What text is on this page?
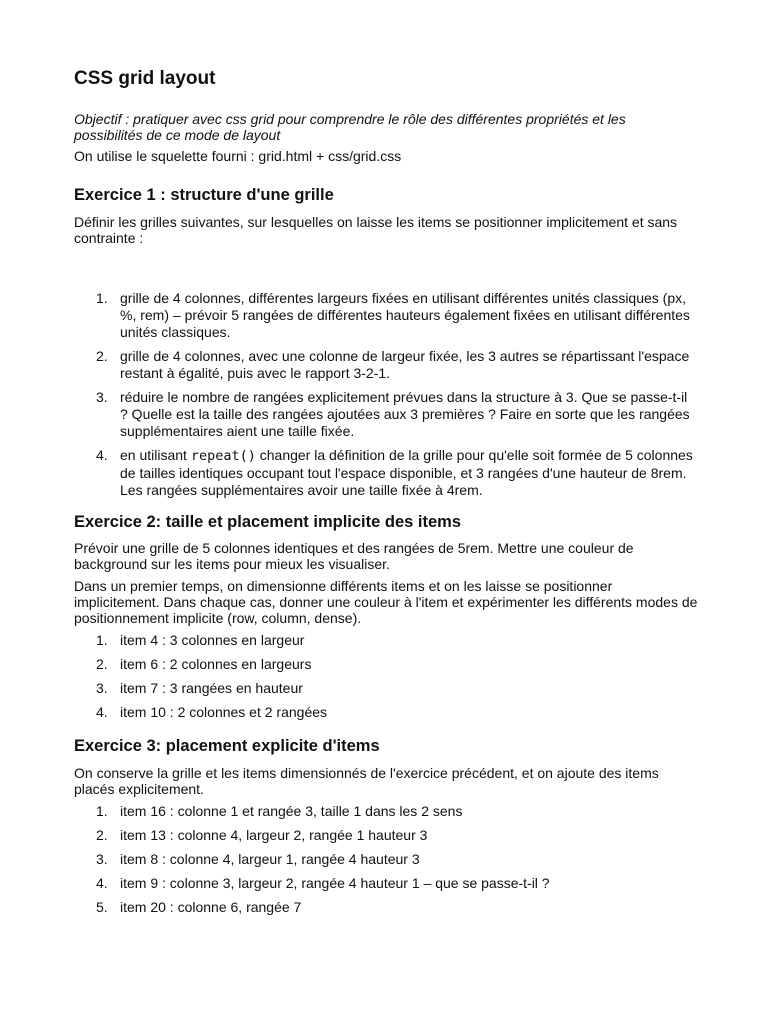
CSS grid layout

Objectif : pratiquer avec css grid pour comprendre le rôle des différentes propriétés et les possibilités de ce mode de layout

On utilise le squelette fourni : grid.html + css/grid.css

Exercice 1 : structure d'une grille

Définir les grilles suivantes, sur lesquelles on laisse les items se positionner implicitement et sans contrainte :

1. grille de 4 colonnes, différentes largeurs fixées en utilisant différentes unités classiques (px, %, rem) – prévoir 5 rangées de différentes hauteurs également fixées en utilisant différentes unités classiques.
2. grille de 4 colonnes, avec une colonne de largeur fixée, les 3 autres se répartissant l'espace restant à égalité, puis avec le rapport 3-2-1.
3. réduire le nombre de rangées explicitement prévues dans la structure à 3. Que se passe-t-il ? Quelle est la taille des rangées ajoutées aux 3 premières ? Faire en sorte que les rangées supplémentaires aient une taille fixée.
4. en utilisant repeat() changer la définition de la grille pour qu'elle soit formée de 5 colonnes de tailles identiques occupant tout l'espace disponible, et 3 rangées d'une hauteur de 8rem. Les rangées supplémentaires avoir une taille fixée à 4rem.
Exercice 2: taille et placement implicite des items

Prévoir une grille de 5 colonnes identiques et des rangées de 5rem. Mettre une couleur de background sur les items pour mieux les visualiser.

Dans un premier temps, on dimensionne différents items et on les laisse se positionner implicitement. Dans chaque cas, donner une couleur à l'item et expérimenter les différents modes de positionnement implicite (row, column, dense).

1. item 4 : 3 colonnes en largeur
2. item 6 : 2 colonnes en largeurs
3. item 7 : 3 rangées en hauteur
4. item 10 : 2 colonnes et 2 rangées
Exercice 3: placement explicite d'items

On conserve la grille et les items dimensionnés de l'exercice précédent, et on ajoute des items placés explicitement.

1. item 16 : colonne 1 et rangée 3, taille 1 dans les 2 sens
2. item 13 : colonne 4, largeur 2, rangée 1 hauteur 3
3. item 8 : colonne 4, largeur 1, rangée 4 hauteur 3
4. item 9 : colonne 3, largeur 2, rangée 4 hauteur 1 – que se passe-t-il ?
5. item 20 : colonne 6, rangée 7
